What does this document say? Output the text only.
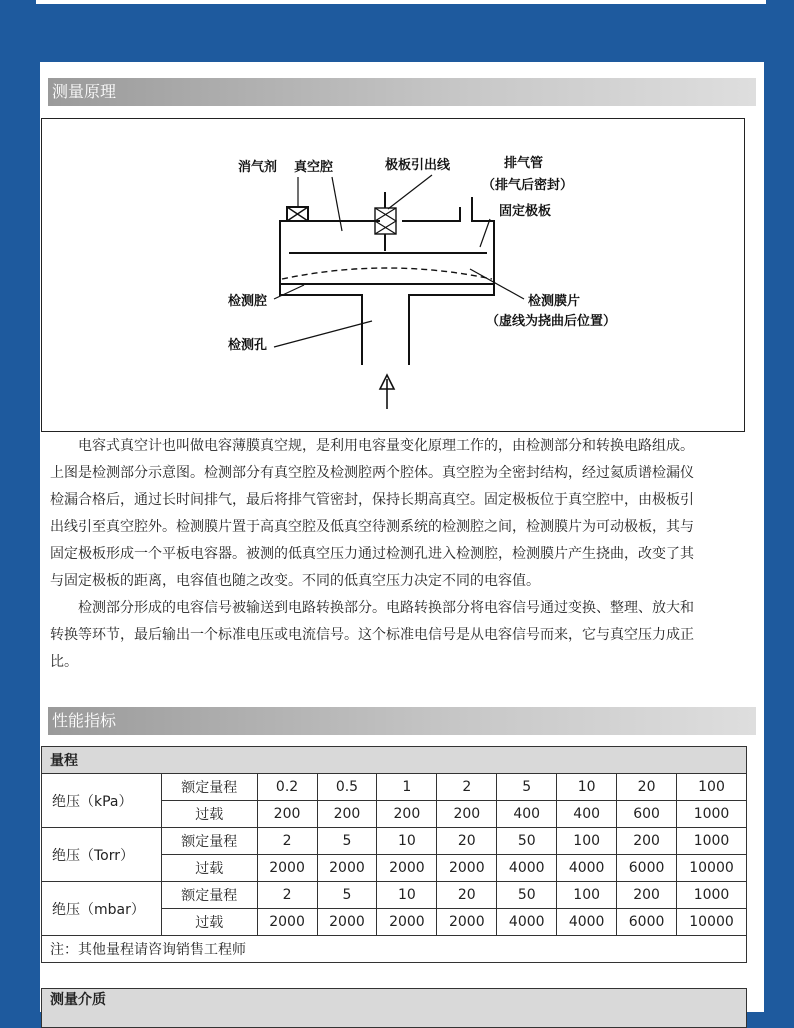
测量原理
消气剂 真空腔	极板引出线	排气管
（排气后密封）
固定极板
检测腔	检测膜片
（虚线为挠曲后位置）
检测孔
电容式真空计也叫做电容薄膜真空规，是利用电容量变化原理工作的，由检测部分和转换电路组成。
上图是检测部分示意图。检测部分有真空腔及检测腔两个腔体。真空腔为全密封结构，经过氦质谱检漏仪
检漏合格后，通过长时间排气，最后将排气管密封，保持长期高真空。固定极板位于真空腔中，由极板引
出线引至真空腔外。检测膜片置于高真空腔及低真空待测系统的检测腔之间，检测膜片为可动极板，其与
固定极板形成一个平板电容器。被测的低真空压力通过检测孔进入检测腔，检测膜片产生挠曲，改变了其
与固定极板的距离，电容值也随之改变。不同的低真空压力决定不同的电容值。
检测部分形成的电容信号被输送到电路转换部分。电路转换部分将电容信号通过变换、整理、放大和
转换等环节，最后输出一个标准电压或电流信号。这个标准电信号是从电容信号而来，它与真空压力成正
比。
性能指标
量程									
绝压（kPa）	额定量程	0.2	0.5	1	2	5	10	20	100
	过载	200	200	200	200	400	400	600	1000
绝压（Torr）	额定量程	2	5	10	20	50	100	200	1000
	过载	2000	2000	2000	2000	4000	4000	6000	10000
绝压（mbar）	额定量程	2	5	10	20	50	100	200	1000
	过载	2000	2000	2000	2000	4000	4000	6000	10000
注：其他量程请咨询销售工程师									
测量介质
